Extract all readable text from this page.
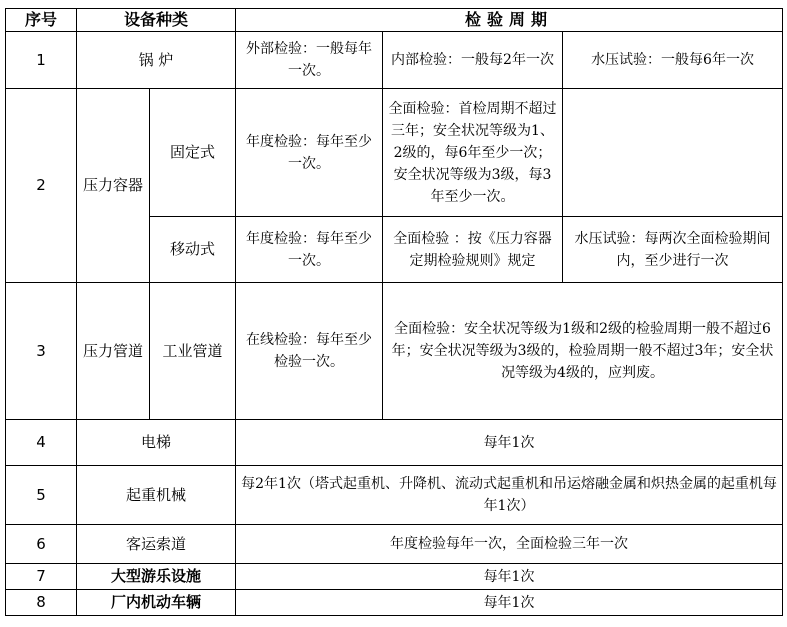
序号	设备种类		检验周期		
1	锅 炉		外部检验：一般每年一次。	内部检验：一般每2年一次	水压试验：一般每6年一次
2	压力容器	固定式	年度检验：每年至少一次。	全面检验：首检周期不超过三年；安全状况等级为1、2级的，每6年至少一次；安全状况等级为3级，每3年至少一次。	
		移动式	年度检验：每年至少一次。	全面检验 ：按《压力容器定期检验规则》规定	水压试验：每两次全面检验期间内，至少进行一次
3	压力管道	工业管道	在线检验：每年至少检验一次。	全面检验：安全状况等级为1级和2级的检验周期一般不超过6年；安全状况等级为3级的，检验周期一般不超过3年；安全状况等级为4级的，应判废。	
4	电梯		每年1次		
5	起重机械		每2年1次（塔式起重机、升降机、流动式起重机和吊运熔融金属和炽热金属的起重机每年1次）		
6	客运索道		年度检验每年一次，全面检验三年一次		
7	大型游乐设施		每年1次		
8	厂内机动车辆		每年1次		
